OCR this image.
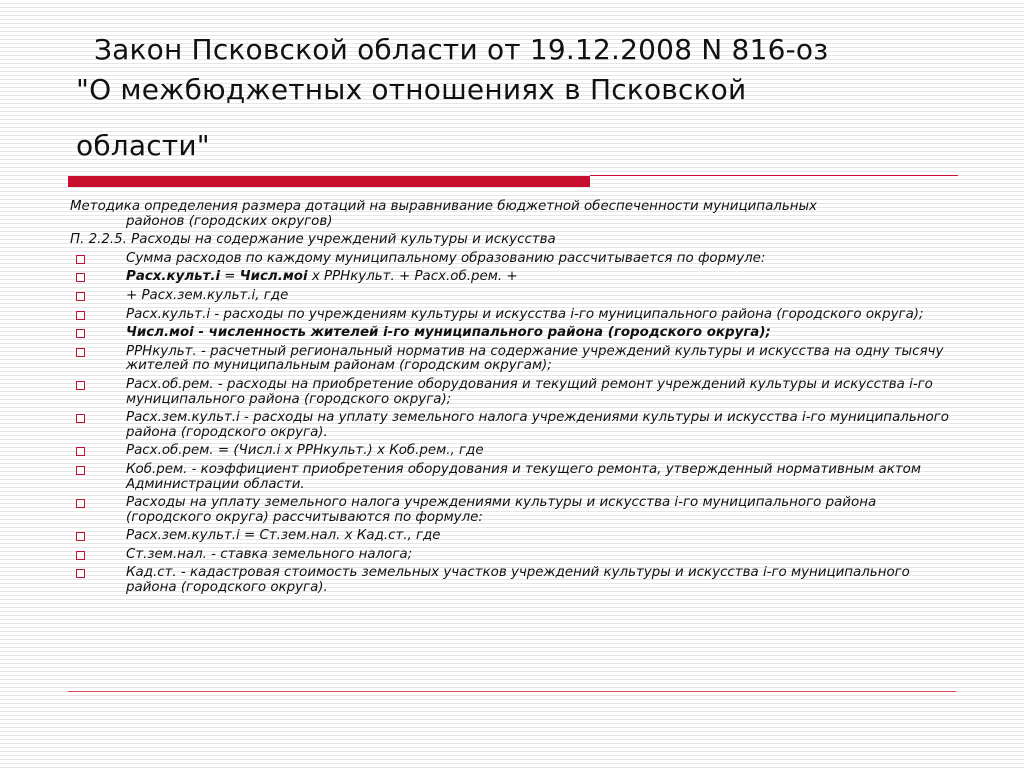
Закон Псковской области от 19.12.2008 N 816-оз
"О межбюджетных отношениях в Псковской
области"

Методика определения размера дотаций на выравнивание бюджетной обеспеченности муниципальных
районов (городских округов)

П. 2.2.5. Расходы на содержание учреждений культуры и искусства

Сумма расходов по каждому муниципальному образованию рассчитывается по формуле:
Расх.культ.i = Числ.мoi х РРНкульт. + Расх.об.рем. +
+ Расх.зем.культ.i, где
Расх.культ.i - расходы по учреждениям культуры и искусства i-го муниципального района (городского округа);
Числ.мoi - численность жителей i-го муниципального района (городского округа);
РРНкульт. - расчетный региональный норматив на содержание учреждений культуры и искусства на одну тысячу жителей по муниципальным районам (городским округам);
Расх.об.рем. - расходы на приобретение оборудования и текущий ремонт учреждений культуры и искусства i-го муниципального района (городского округа);
Расх.зем.культ.i - расходы на уплату земельного налога учреждениями культуры и искусства i-го муниципального района (городского округа).
Расх.об.рем. = (Числ.i х РРНкульт.) х Коб.рем., где
Коб.рем. - коэффициент приобретения оборудования и текущего ремонта, утвержденный нормативным актом Администрации области.
Расходы на уплату земельного налога учреждениями культуры и искусства i-го муниципального района (городского округа) рассчитываются по формуле:
Расх.зем.культ.i = Ст.зем.нал. х Кад.ст., где
Ст.зем.нал. - ставка земельного налога;
Кад.ст. - кадастровая стоимость земельных участков учреждений культуры и искусства i-го муниципального района (городского округа).
